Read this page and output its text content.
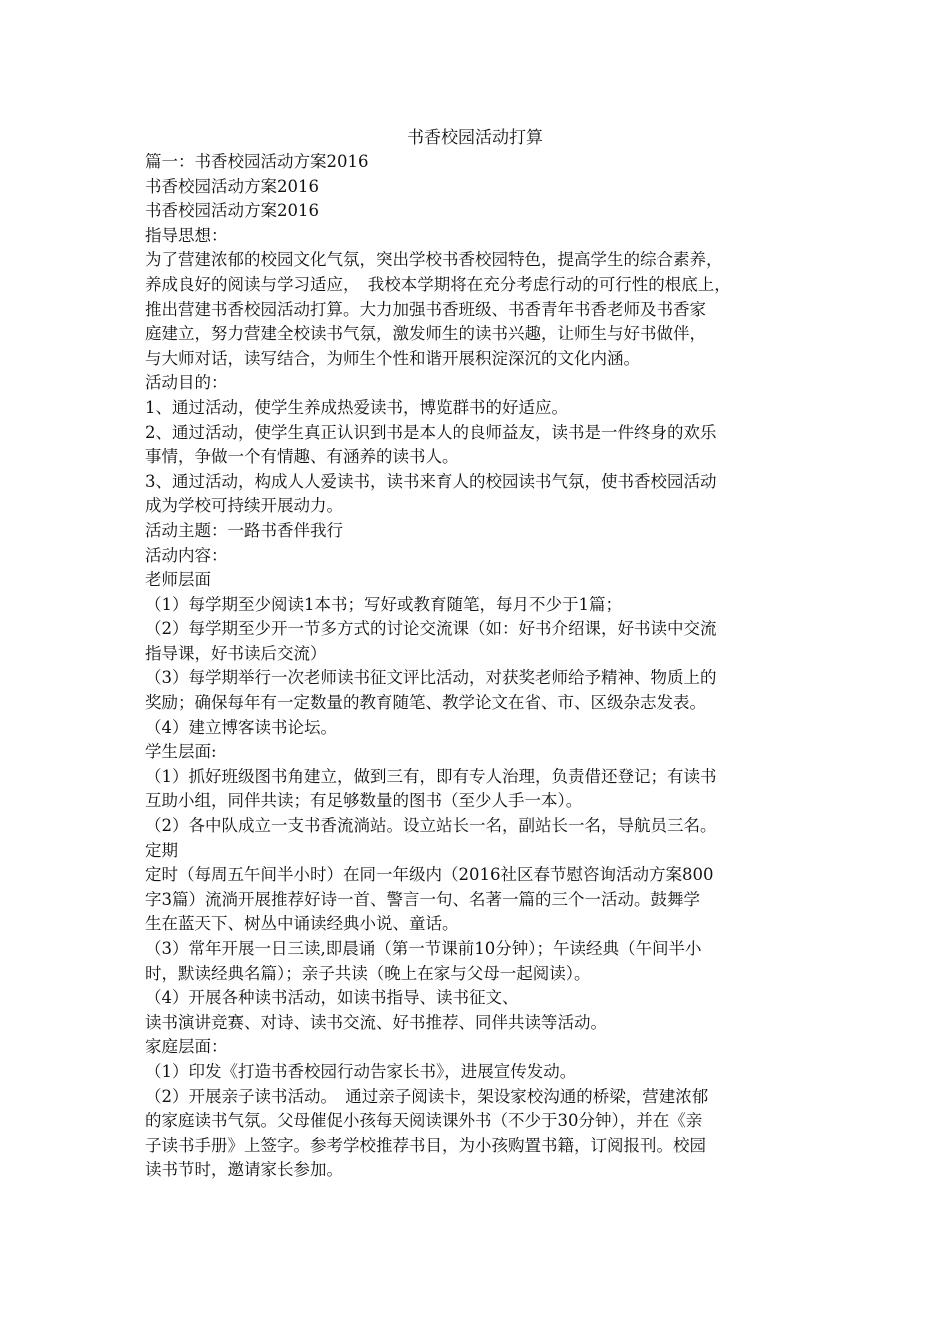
书香校园活动打算
篇一：书香校园活动方案2016
书香校园活动方案2016
书香校园活动方案2016
指导思想：
为了营建浓郁的校园文化气氛，突出学校书香校园特色，提高学生的综合素养，
养成良好的阅读与学习适应，　我校本学期将在充分考虑行动的可行性的根底上，
推出营建书香校园活动打算。大力加强书香班级、书香青年书香老师及书香家
庭建立，努力营建全校读书气氛，激发师生的读书兴趣，让师生与好书做伴，
与大师对话，读写结合，为师生个性和谐开展积淀深沉的文化内涵。
活动目的：
1、通过活动，使学生养成热爱读书，博览群书的好适应。
2、通过活动，使学生真正认识到书是本人的良师益友，读书是一件终身的欢乐
事情，争做一个有情趣、有涵养的读书人。
3、通过活动，构成人人爱读书，读书来育人的校园读书气氛，使书香校园活动
成为学校可持续开展动力。
活动主题：一路书香伴我行
活动内容：
老师层面
（1）每学期至少阅读1本书；写好或教育随笔，每月不少于1篇；
（2）每学期至少开一节多方式的讨论交流课（如：好书介绍课，好书读中交流
指导课，好书读后交流）
（3）每学期举行一次老师读书征文评比活动，对获奖老师给予精神、物质上的
奖励；确保每年有一定数量的教育随笔、教学论文在省、市、区级杂志发表。
（4）建立博客读书论坛。
学生层面:
（1）抓好班级图书角建立，做到三有，即有专人治理，负责借还登记；有读书
互助小组，同伴共读；有足够数量的图书（至少人手一本）。
（2）各中队成立一支书香流淌站。设立站长一名，副站长一名，导航员三名。
定期
定时（每周五午间半小时）在同一年级内（2016社区春节慰咨询活动方案800
字3篇）流淌开展推荐好诗一首、警言一句、名著一篇的三个一活动。鼓舞学
生在蓝天下、树丛中诵读经典小说、童话。
（3）常年开展一日三读,即晨诵（第一节课前10分钟）；午读经典（午间半小
时，默读经典名篇）；亲子共读（晚上在家与父母一起阅读）。
（4）开展各种读书活动，如读书指导、读书征文、
读书演讲竞赛、对诗、读书交流、好书推荐、同伴共读等活动。
家庭层面：
（1）印发《打造书香校园行动告家长书》，进展宣传发动。
（2）开展亲子读书活动。　通过亲子阅读卡，架设家校沟通的桥梁，营建浓郁
的家庭读书气氛。父母催促小孩每天阅读课外书（不少于30分钟），并在《亲
子读书手册》上签字。参考学校推荐书目，为小孩购置书籍，订阅报刊。校园
读书节时，邀请家长参加。
